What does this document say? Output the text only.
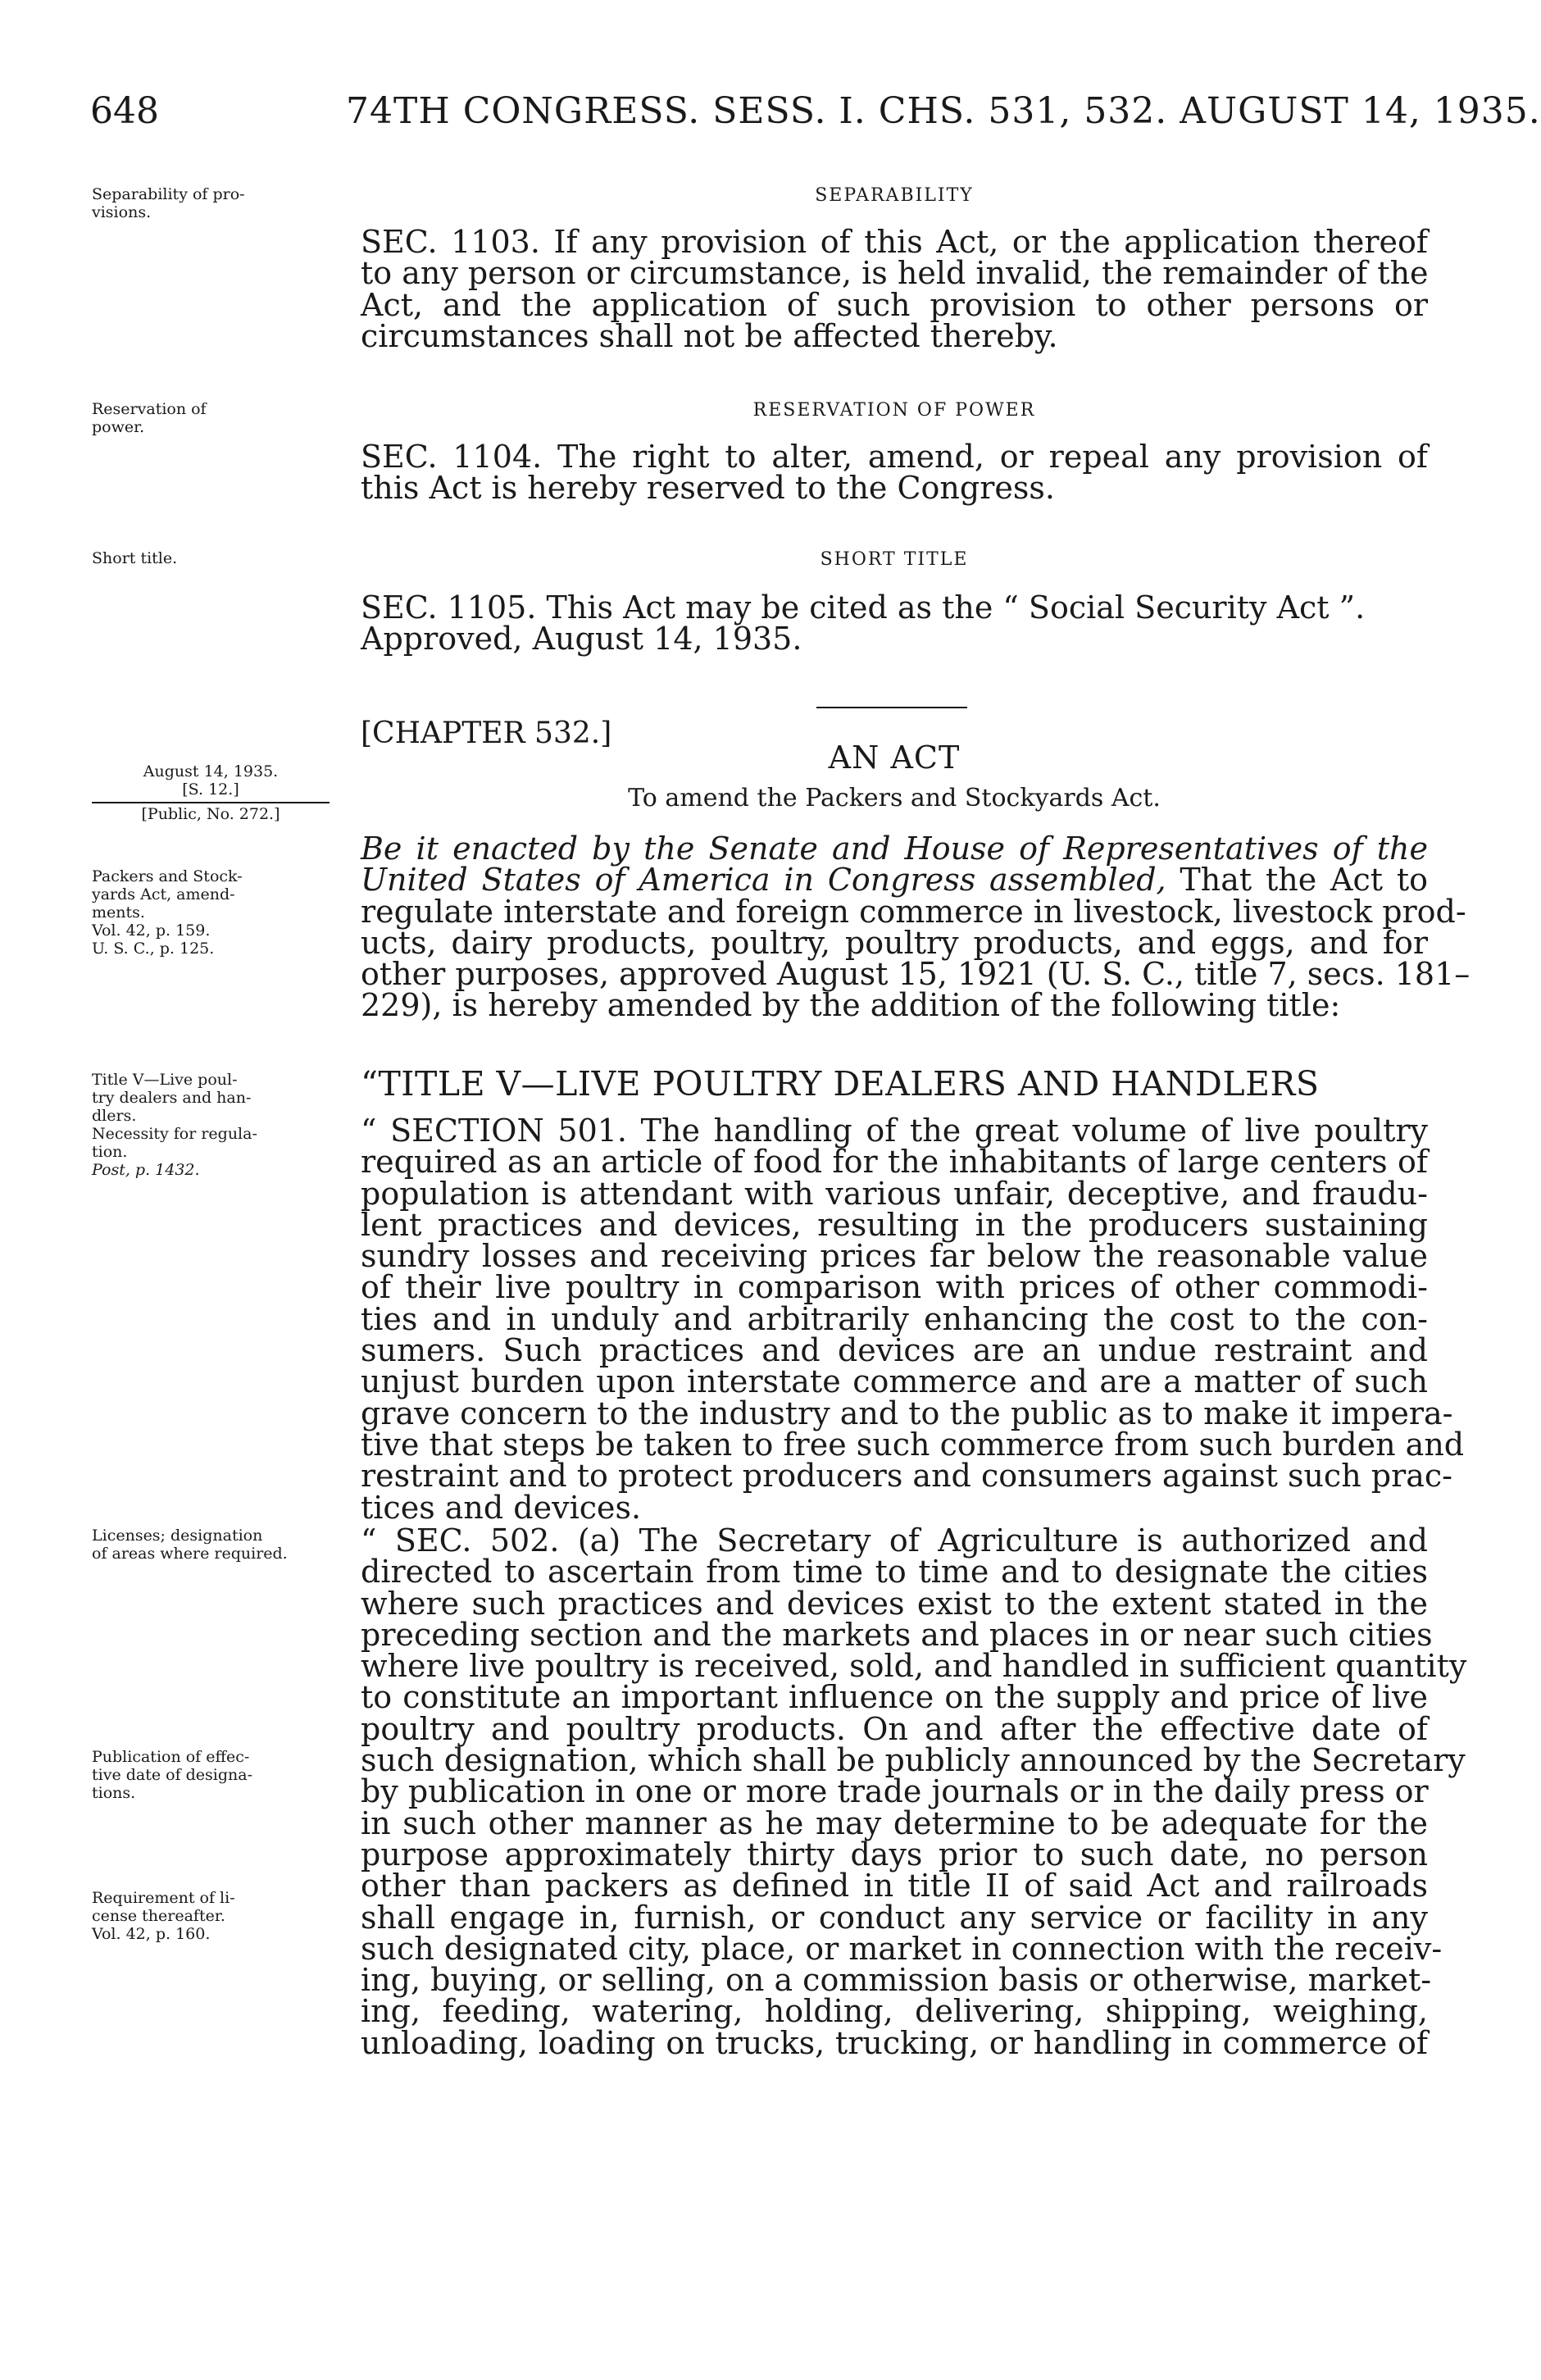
648	74TH CONGRESS. SESS. I. CHS. 531, 532. AUGUST 14, 1935.
Separability of pro-
visions.
Reservation of
power.
Short title.
August 14, 1935.
[S. 12.]
[Public, No. 272.]
Packers and Stock-
yards Act, amend-
ments.
Vol. 42, p. 159.
U. S. C., p. 125.
Title V—Live poul-
try dealers and han-
dlers.
Necessity for regula-
tion.
Post, p. 1432.
Licenses; designation
of areas where required.
Publication of effec-
tive date of designa-
tions.
Requirement of li-
cense thereafter.
Vol. 42, p. 160.
SEPARABILITY
SEC. 1103. If any provision of this Act, or the application thereof
to any person or circumstance, is held invalid, the remainder of the
Act, and the application of such provision to other persons or
circumstances shall not be affected thereby.
RESERVATION OF POWER
SEC. 1104. The right to alter, amend, or repeal any provision of
this Act is hereby reserved to the Congress.
SHORT TITLE
SEC. 1105. This Act may be cited as the “ Social Security Act ”.
Approved, August 14, 1935.
[CHAPTER 532.]
AN ACT
To amend the Packers and Stockyards Act.
Be it enacted by the Senate and House of Representatives of the
United States of America in Congress assembled, That the Act to
regulate interstate and foreign commerce in livestock, livestock prod-
ucts, dairy products, poultry, poultry products, and eggs, and for
other purposes, approved August 15, 1921 (U. S. C., title 7, secs. 181–
229), is hereby amended by the addition of the following title:
“TITLE V—LIVE POULTRY DEALERS AND HANDLERS
“ SECTION 501. The handling of the great volume of live poultry
required as an article of food for the inhabitants of large centers of
population is attendant with various unfair, deceptive, and fraudu-
lent practices and devices, resulting in the producers sustaining
sundry losses and receiving prices far below the reasonable value
of their live poultry in comparison with prices of other commodi-
ties and in unduly and arbitrarily enhancing the cost to the con-
sumers. Such practices and devices are an undue restraint and
unjust burden upon interstate commerce and are a matter of such
grave concern to the industry and to the public as to make it impera-
tive that steps be taken to free such commerce from such burden and
restraint and to protect producers and consumers against such prac-
tices and devices.
“ SEC. 502. (a) The Secretary of Agriculture is authorized and
directed to ascertain from time to time and to designate the cities
where such practices and devices exist to the extent stated in the
preceding section and the markets and places in or near such cities
where live poultry is received, sold, and handled in sufficient quantity
to constitute an important influence on the supply and price of live
poultry and poultry products. On and after the effective date of
such designation, which shall be publicly announced by the Secretary
by publication in one or more trade journals or in the daily press or
in such other manner as he may determine to be adequate for the
purpose approximately thirty days prior to such date, no person
other than packers as defined in title II of said Act and railroads
shall engage in, furnish, or conduct any service or facility in any
such designated city, place, or market in connection with the receiv-
ing, buying, or selling, on a commission basis or otherwise, market-
ing, feeding, watering, holding, delivering, shipping, weighing,
unloading, loading on trucks, trucking, or handling in commerce of
